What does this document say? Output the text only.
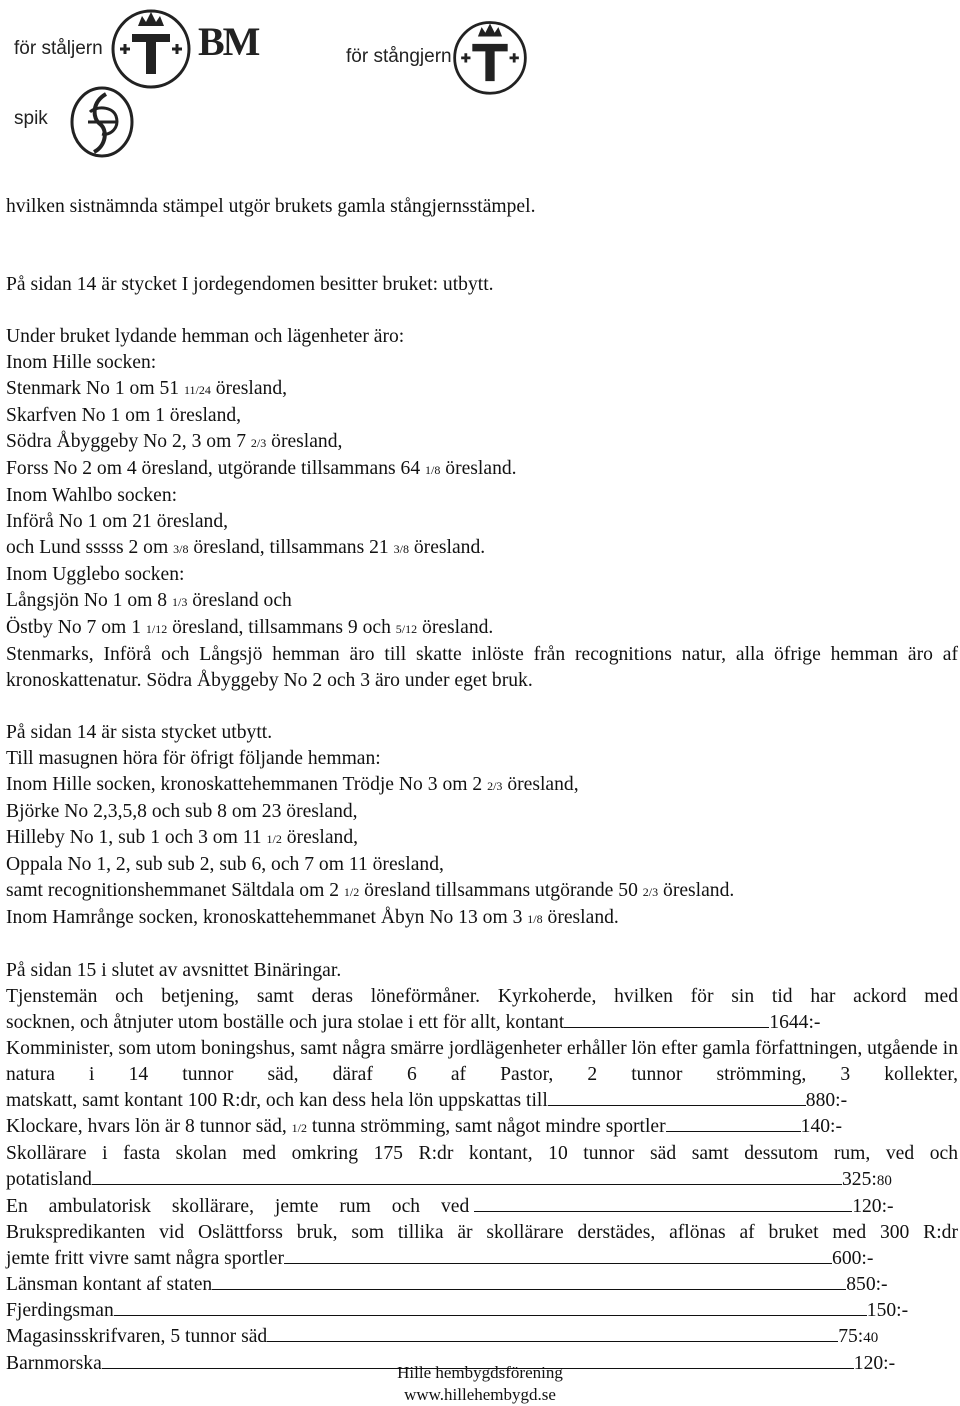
för ståljern BM	för stångjern
spik

hvilken sistnämnda stämpel utgör brukets gamla stångjernsstämpel.

På sidan 14 är stycket I jordegendomen besitter bruket: utbytt.

Under bruket lydande hemman och lägenheter äro:

Inom Hille socken:

Stenmark No 1 om 51 11/24 öresland,

Skarfven No 1 om 1 öresland,

Södra Åbyggeby No 2, 3 om 7 2/3 öresland,

Forss No 2 om 4 öresland, utgörande tillsammans 64 1/8 öresland.

Inom Wahlbo socken:

Införå No 1 om 21 öresland,

och Lund sssss 2 om 3/8 öresland, tillsammans 21 3/8 öresland.

Inom Ugglebo socken:

Långsjön No 1 om 8 1/3 öresland och

Östby No 7 om 1 1/12 öresland, tillsammans 9 och 5/12 öresland.

Stenmarks, Införå och Långsjö hemman äro till skatte inlöste från recognitions natur, alla öfrige hemman äro af kronoskattenatur. Södra Åbyggeby No 2 och 3 äro under eget bruk.

På sidan 14 är sista stycket utbytt.

Till masugnen höra för öfrigt följande hemman:

Inom Hille socken, kronoskattehemmanen Trödje No 3 om 2 2/3 öresland,

Björke No 2,3,5,8 och sub 8 om 23 öresland,

Hilleby No 1, sub 1 och 3 om 11 1/2 öresland,

Oppala No 1, 2, sub sub 2, sub 6, och 7 om 11 öresland,

samt recognitionshemmanet Sältdala om 2 1/2 öresland tillsammans utgörande 50 2/3 öresland.

Inom Hamrånge socken, kronoskattehemmanet Åbyn No 13 om 3 1/8 öresland.

På sidan 15 i slutet av avsnittet Binäringar.

Tjenstemän och betjening, samt deras löneförmåner. Kyrkoherde, hvilken för sin tid har ackord med

socknen, och åtnjuter utom boställe och jura stolae i ett för allt, kontant	1644:-

Komminister, som utom boningshus, samt några smärre jordlägenheter erhåller lön efter gamla författningen, utgående in natura i 14 tunnor säd, däraf 6 af Pastor, 2 tunnor strömming, 3 kollekter,

matskatt, samt kontant 100 R:dr, och kan dess hela lön uppskattas till	880:-

Klockare, hvars lön är 8 tunnor säd, 1/2 tunna strömming, samt något mindre sportler	140:-

Skollärare i fasta skolan med omkring 175 R:dr kontant, 10 tunnor säd samt dessutom rum, ved och

potatisland	325:80

En ambulatorisk skollärare, jemte rum och ved	120:-

Brukspredikanten vid Oslättforss bruk, som tillika är skollärare derstädes, aflönas af bruket med 300 R:dr

jemte fritt vivre samt några sportler	600:-

Länsman kontant af staten	850:-

Fjerdingsman	150:-

Magasinsskrifvaren, 5 tunnor säd	75:40

Barnmorska	120:-

Hille hembygdsförening
www.hillehembygd.se
